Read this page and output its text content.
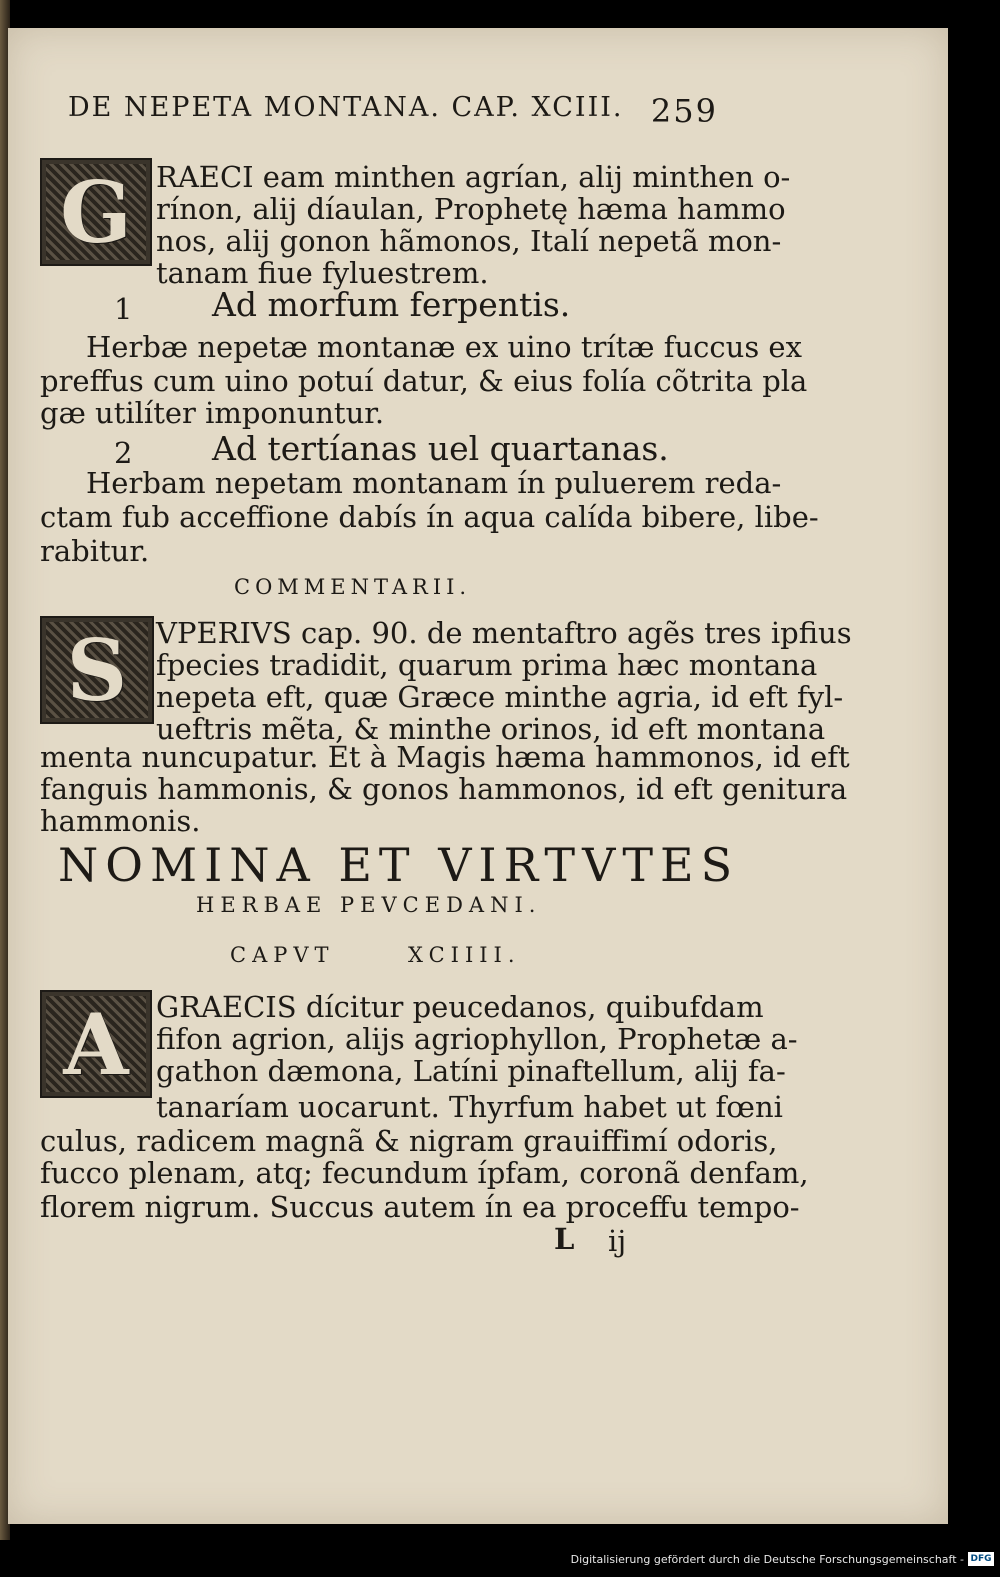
DE NEPETA MONTANA. CAP. XCIII. 259
G RAECI eam minthen agrían, alij minthen o-
rínon, alij díaulan, Prophetę hæma hammo
nos, alij gonon hãmonos, Italí nepetã mon-
tanam fiue fyluestrem.
1 Ad morfum ferpentis.
Herbæ nepetæ montanæ ex uino trítæ fuccus ex
preffus cum uino potuí datur, & eius folía cõtrita pla
gæ utilíter imponuntur.
2 Ad tertíanas uel quartanas.
Herbam nepetam montanam ín puluerem reda-
ctam fub acceffione dabís ín aqua calída bibere, libe-
rabitur.
COMMENTARII.
S VPERIVS cap. 90. de mentaftro agẽs tres ipfius
fpecies tradidit, quarum prima hæc montana
nepeta eft, quæ Græce minthe agria, id eft fyl-
ueftris mẽta, & minthe orinos, id eft montana
menta nuncupatur. Et à Magis hæma hammonos, id eft
fanguis hammonis, & gonos hammonos, id eft genitura
hammonis.
NOMINA ET VIRTVTES
HERBAE PEVCEDANI.
CAPVT	XCIIII.
A GRAECIS dícitur peucedanos, quibufdam
fifon agrion, alijs agriophyllon, Prophetæ a-
gathon dæmona, Latíni pinaftellum, alij fa-
tanaríam uocarunt. Thyrfum habet ut fœni
culus, radicem magnã & nigram grauiffimí odoris,
fucco plenam, atq; fecundum ípfam, coronã denfam,
florem nigrum. Succus autem ín ea proceffu tempo-
L ij
Digitalisierung gefördert durch die Deutsche Forschungsgemeinschaft - DFG
